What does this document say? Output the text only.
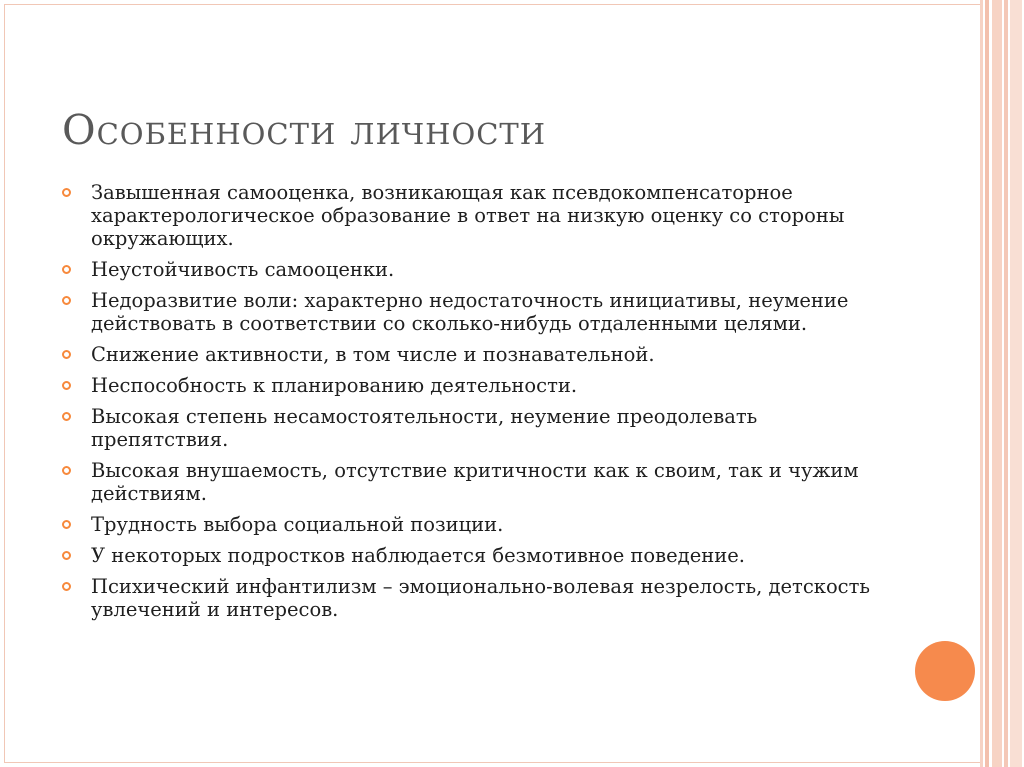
Особенности личности
Завышенная самооценка, возникающая как псевдокомпенсаторное характерологическое образование в ответ на низкую оценку со стороны окружающих.
Неустойчивость самооценки.
Недоразвитие воли: характерно недостаточность инициативы, неумение действовать в соответствии со сколько-нибудь отдаленными целями.
Снижение активности, в том числе и познавательной.
Неспособность к планированию деятельности.
Высокая степень несамостоятельности, неумение преодолевать препятствия.
Высокая внушаемость, отсутствие критичности как к своим, так и чужим действиям.
Трудность выбора социальной позиции.
У некоторых подростков наблюдается безмотивное поведение.
Психический инфантилизм – эмоционально-волевая незрелость, детскость увлечений и интересов.
